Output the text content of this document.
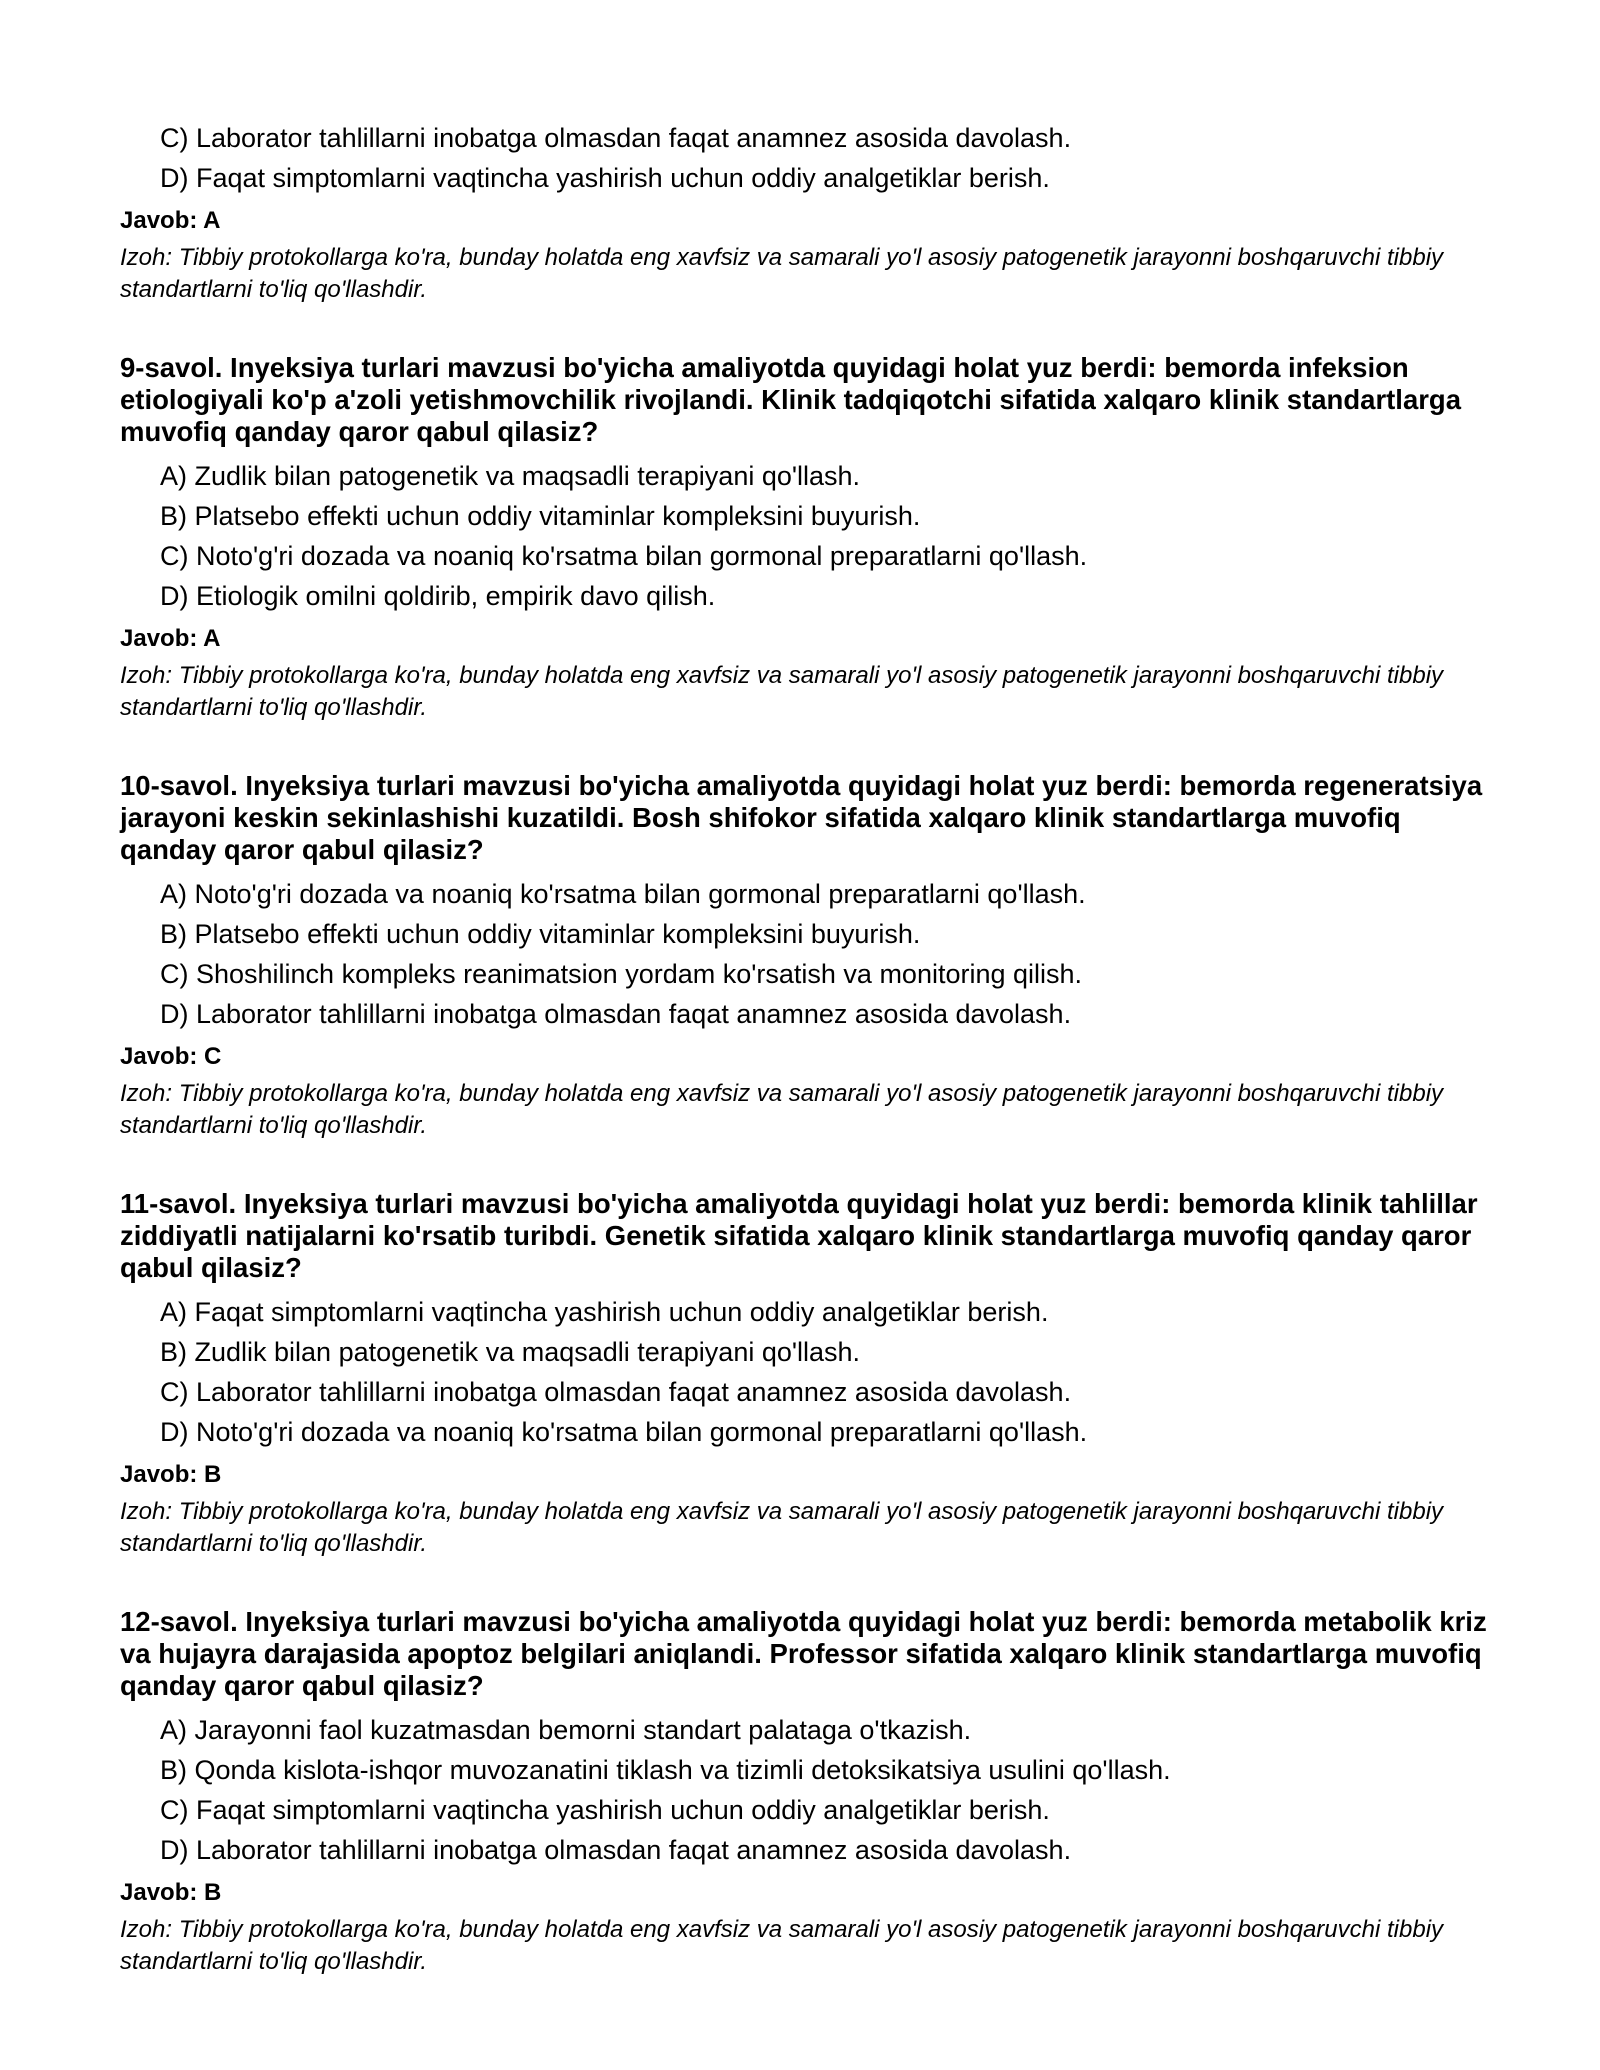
C) Laborator tahlillarni inobatga olmasdan faqat anamnez asosida davolash.

D) Faqat simptomlarni vaqtincha yashirish uchun oddiy analgetiklar berish.

Javob: A

Izoh: Tibbiy protokollarga ko'ra, bunday holatda eng xavfsiz va samarali yo'l asosiy patogenetik jarayonni boshqaruvchi tibbiy standartlarni to'liq qo'llashdir.

9-savol. Inyeksiya turlari mavzusi bo'yicha amaliyotda quyidagi holat yuz berdi: bemorda infeksion etiologiyali ko'p a'zoli yetishmovchilik rivojlandi. Klinik tadqiqotchi sifatida xalqaro klinik standartlarga muvofiq qanday qaror qabul qilasiz?

A) Zudlik bilan patogenetik va maqsadli terapiyani qo'llash.

B) Platsebo effekti uchun oddiy vitaminlar kompleksini buyurish.

C) Noto'g'ri dozada va noaniq ko'rsatma bilan gormonal preparatlarni qo'llash.

D) Etiologik omilni qoldirib, empirik davo qilish.

Javob: A

Izoh: Tibbiy protokollarga ko'ra, bunday holatda eng xavfsiz va samarali yo'l asosiy patogenetik jarayonni boshqaruvchi tibbiy standartlarni to'liq qo'llashdir.

10-savol. Inyeksiya turlari mavzusi bo'yicha amaliyotda quyidagi holat yuz berdi: bemorda regeneratsiya jarayoni keskin sekinlashishi kuzatildi. Bosh shifokor sifatida xalqaro klinik standartlarga muvofiq qanday qaror qabul qilasiz?

A) Noto'g'ri dozada va noaniq ko'rsatma bilan gormonal preparatlarni qo'llash.

B) Platsebo effekti uchun oddiy vitaminlar kompleksini buyurish.

C) Shoshilinch kompleks reanimatsion yordam ko'rsatish va monitoring qilish.

D) Laborator tahlillarni inobatga olmasdan faqat anamnez asosida davolash.

Javob: C

Izoh: Tibbiy protokollarga ko'ra, bunday holatda eng xavfsiz va samarali yo'l asosiy patogenetik jarayonni boshqaruvchi tibbiy standartlarni to'liq qo'llashdir.

11-savol. Inyeksiya turlari mavzusi bo'yicha amaliyotda quyidagi holat yuz berdi: bemorda klinik tahlillar ziddiyatli natijalarni ko'rsatib turibdi. Genetik sifatida xalqaro klinik standartlarga muvofiq qanday qaror qabul qilasiz?

A) Faqat simptomlarni vaqtincha yashirish uchun oddiy analgetiklar berish.

B) Zudlik bilan patogenetik va maqsadli terapiyani qo'llash.

C) Laborator tahlillarni inobatga olmasdan faqat anamnez asosida davolash.

D) Noto'g'ri dozada va noaniq ko'rsatma bilan gormonal preparatlarni qo'llash.

Javob: B

Izoh: Tibbiy protokollarga ko'ra, bunday holatda eng xavfsiz va samarali yo'l asosiy patogenetik jarayonni boshqaruvchi tibbiy standartlarni to'liq qo'llashdir.

12-savol. Inyeksiya turlari mavzusi bo'yicha amaliyotda quyidagi holat yuz berdi: bemorda metabolik kriz va hujayra darajasida apoptoz belgilari aniqlandi. Professor sifatida xalqaro klinik standartlarga muvofiq qanday qaror qabul qilasiz?

A) Jarayonni faol kuzatmasdan bemorni standart palataga o'tkazish.

B) Qonda kislota-ishqor muvozanatini tiklash va tizimli detoksikatsiya usulini qo'llash.

C) Faqat simptomlarni vaqtincha yashirish uchun oddiy analgetiklar berish.

D) Laborator tahlillarni inobatga olmasdan faqat anamnez asosida davolash.

Javob: B

Izoh: Tibbiy protokollarga ko'ra, bunday holatda eng xavfsiz va samarali yo'l asosiy patogenetik jarayonni boshqaruvchi tibbiy standartlarni to'liq qo'llashdir.
